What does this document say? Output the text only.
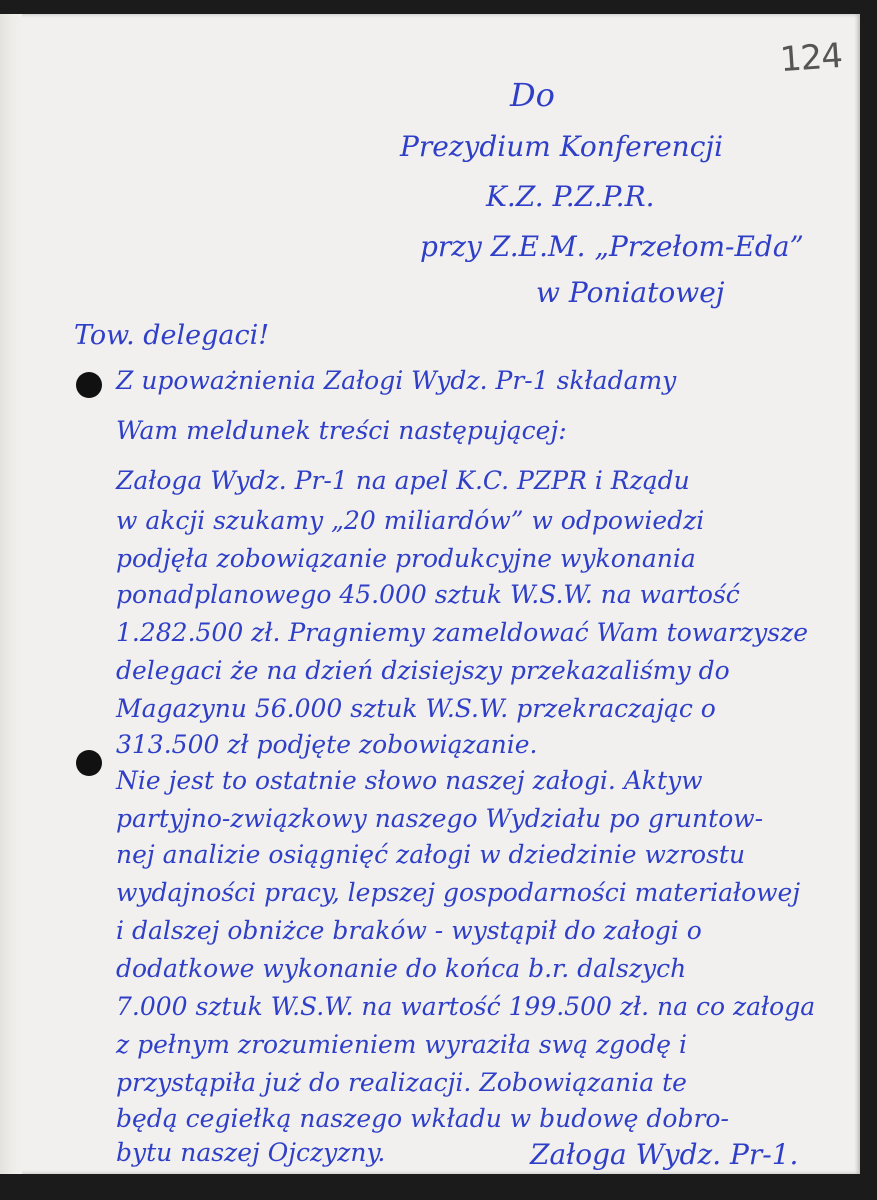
124

Do

Prezydium Konferencji

K.Z. P.Z.P.R.

przy Z.E.M. „Przełom-Eda”

w Poniatowej

Tow. delegaci!

Z upoważnienia Załogi Wydz. Pr-1 składamy

Wam meldunek treści następującej:

Załoga Wydz. Pr-1 na apel K.C. PZPR i Rządu

w akcji szukamy „20 miliardów” w odpowiedzi

podjęła zobowiązanie produkcyjne wykonania

ponadplanowego 45.000 sztuk W.S.W. na wartość

1.282.500 zł. Pragniemy zameldować Wam towarzysze

delegaci że na dzień dzisiejszy przekazaliśmy do

Magazynu 56.000 sztuk W.S.W. przekraczając o

313.500 zł podjęte zobowiązanie.

Nie jest to ostatnie słowo naszej załogi. Aktyw

partyjno-związkowy naszego Wydziału po gruntow-

nej analizie osiągnięć załogi w dziedzinie wzrostu

wydajności pracy, lepszej gospodarności materiałowej

i dalszej obniżce braków - wystąpił do załogi o

dodatkowe wykonanie do końca b.r. dalszych

7.000 sztuk W.S.W. na wartość 199.500 zł. na co załoga

z pełnym zrozumieniem wyraziła swą zgodę i

przystąpiła już do realizacji. Zobowiązania te

będą cegiełką naszego wkładu w budowę dobro-

bytu naszej Ojczyzny.	Załoga Wydz. Pr-1.
